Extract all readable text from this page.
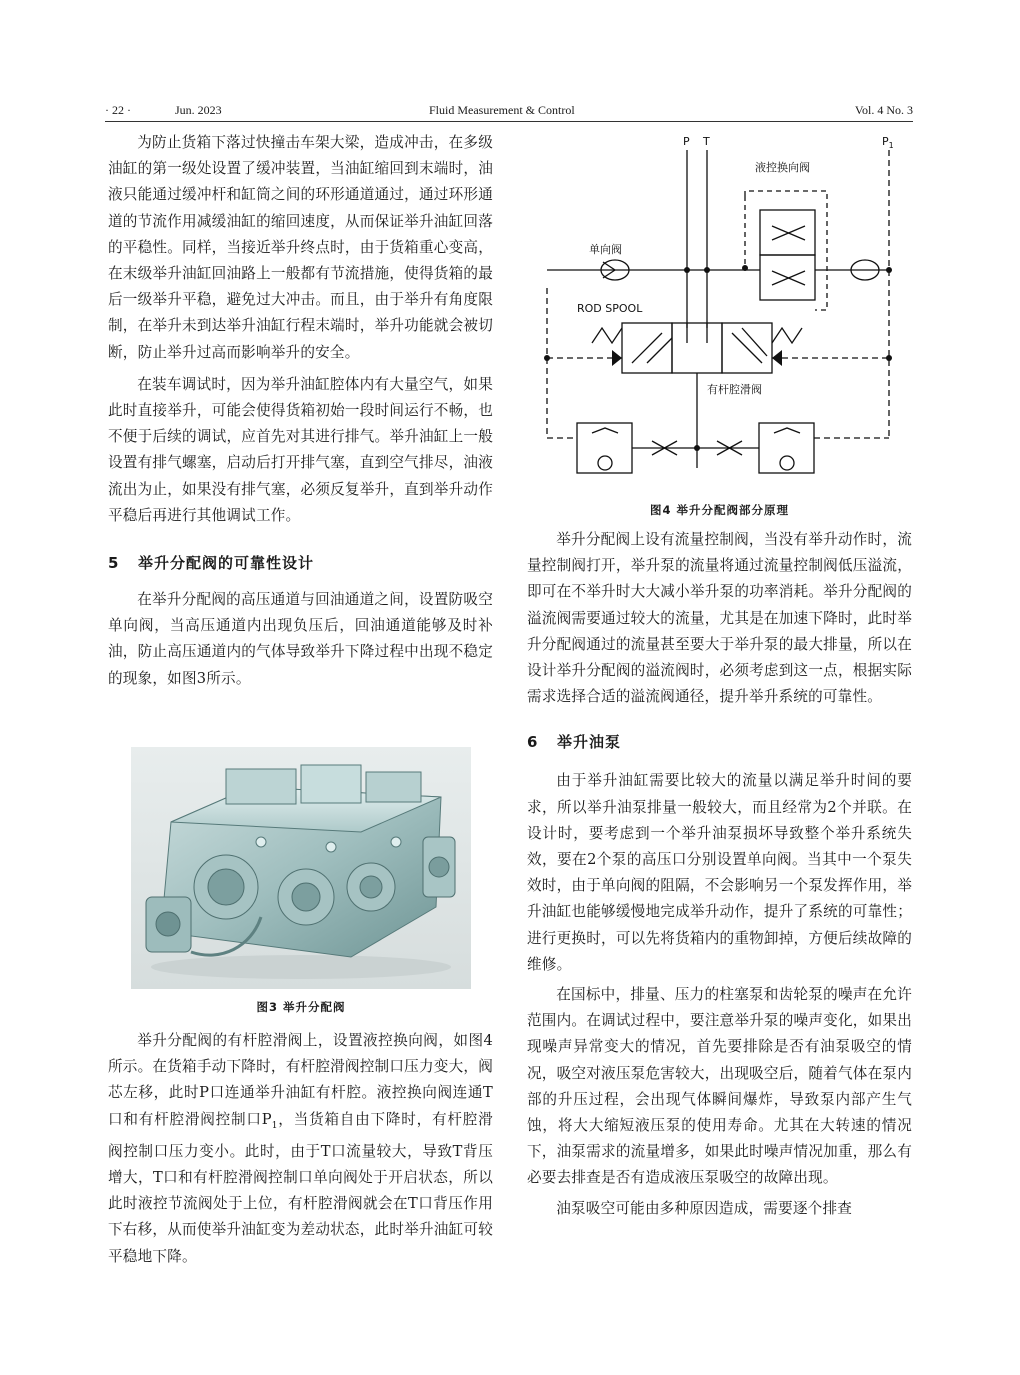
· 22 ·	Jun. 2023	Fluid Measurement & Control	Vol. 4 No. 3

为防止货箱下落过快撞击车架大梁，造成冲击，在多级油缸的第一级处设置了缓冲装置，当油缸缩回到末端时，油液只能通过缓冲杆和缸筒之间的环形通道通过，通过环形通道的节流作用减缓油缸的缩回速度，从而保证举升油缸回落的平稳性。同样，当接近举升终点时，由于货箱重心变高，在末级举升油缸回油路上一般都有节流措施，使得货箱的最后一级举升平稳，避免过大冲击。而且，由于举升有角度限制，在举升未到达举升油缸行程末端时，举升功能就会被切断，防止举升过高而影响举升的安全。

在装车调试时，因为举升油缸腔体内有大量空气，如果此时直接举升，可能会使得货箱初始一段时间运行不畅，也不便于后续的调试，应首先对其进行排气。举升油缸上一般设置有排气螺塞，启动后打开排气塞，直到空气排尽，油液流出为止，如果没有排气塞，必须反复举升，直到举升动作平稳后再进行其他调试工作。

5 举升分配阀的可靠性设计

在举升分配阀的高压通道与回油通道之间，设置防吸空单向阀，当高压通道内出现负压后，回油通道能够及时补油，防止高压通道内的气体导致举升下降过程中出现不稳定的现象，如图3所示。

图3 举升分配阀

举升分配阀的有杆腔滑阀上，设置液控换向阀，如图4所示。在货箱手动下降时，有杆腔滑阀控制口压力变大，阀芯左移，此时P口连通举升油缸有杆腔。液控换向阀连通T口和有杆腔滑阀控制口$P_1$，当货箱自由下降时，有杆腔滑阀控制口压力变小。此时，由于T口流量较大，导致T背压增大，T口和有杆腔滑阀控制口单向阀处于开启状态，所以此时液控节流阀处于上位，有杆腔滑阀就会在T口背压作用下右移，从而使举升油缸变为差动状态，此时举升油缸可较平稳地下降。

P T	$P_1$
液控换向阀
单向阀
ROD SPOOL
有杆腔滑阀
图4 举升分配阀部分原理

举升分配阀上设有流量控制阀，当没有举升动作时，流量控制阀打开，举升泵的流量将通过流量控制阀低压溢流，即可在不举升时大大减小举升泵的功率消耗。举升分配阀的溢流阀需要通过较大的流量，尤其是在加速下降时，此时举升分配阀通过的流量甚至要大于举升泵的最大排量，所以在设计举升分配阀的溢流阀时，必须考虑到这一点，根据实际需求选择合适的溢流阀通径，提升举升系统的可靠性。

6 举升油泵

由于举升油缸需要比较大的流量以满足举升时间的要求，所以举升油泵排量一般较大，而且经常为2个并联。在设计时，要考虑到一个举升油泵损坏导致整个举升系统失效，要在2个泵的高压口分别设置单向阀。当其中一个泵失效时，由于单向阀的阻隔，不会影响另一个泵发挥作用，举升油缸也能够缓慢地完成举升动作，提升了系统的可靠性；进行更换时，可以先将货箱内的重物卸掉，方便后续故障的维修。

在国标中，排量、压力的柱塞泵和齿轮泵的噪声在允许范围内。在调试过程中，要注意举升泵的噪声变化，如果出现噪声异常变大的情况，首先要排除是否有油泵吸空的情况，吸空对液压泵危害较大，出现吸空后，随着气体在泵内部的升压过程，会出现气体瞬间爆炸，导致泵内部产生气蚀，将大大缩短液压泵的使用寿命。尤其在大转速的情况下，油泵需求的流量增多，如果此时噪声情况加重，那么有必要去排查是否有造成液压泵吸空的故障出现。

油泵吸空可能由多种原因造成，需要逐个排查
